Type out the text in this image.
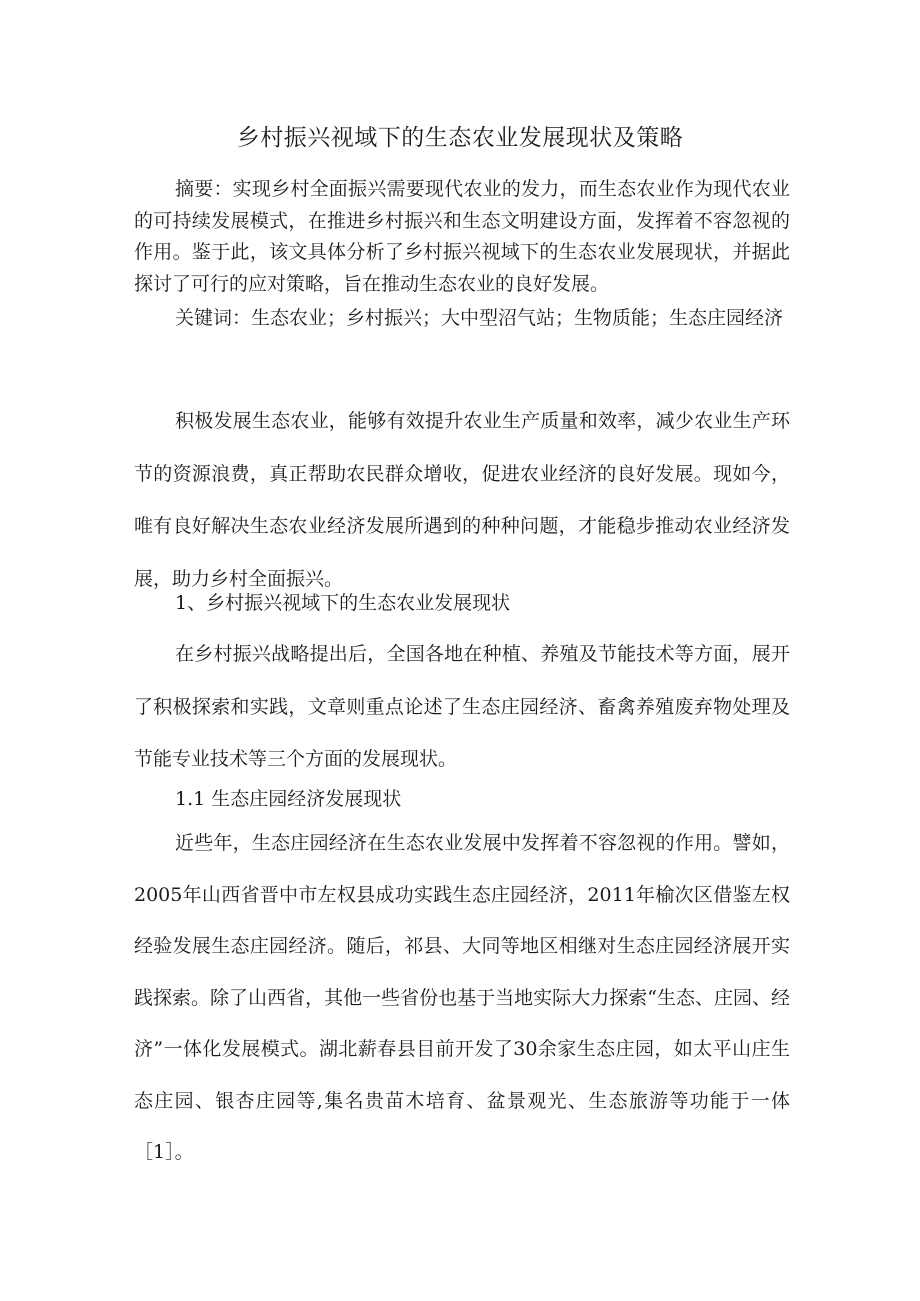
乡村振兴视域下的生态农业发展现状及策略

摘要：实现乡村全面振兴需要现代农业的发力，而生态农业作为现代农业的可持续发展模式，在推进乡村振兴和生态文明建设方面，发挥着不容忽视的作用。鉴于此，该文具体分析了乡村振兴视域下的生态农业发展现状，并据此探讨了可行的应对策略，旨在推动生态农业的良好发展。

关键词：生态农业；乡村振兴；大中型沼气站；生物质能；生态庄园经济

积极发展生态农业，能够有效提升农业生产质量和效率，减少农业生产环节的资源浪费，真正帮助农民群众增收，促进农业经济的良好发展。现如今，唯有良好解决生态农业经济发展所遇到的种种问题，才能稳步推动农业经济发展，助力乡村全面振兴。

1、乡村振兴视域下的生态农业发展现状

在乡村振兴战略提出后，全国各地在种植、养殖及节能技术等方面，展开了积极探索和实践，文章则重点论述了生态庄园经济、畜禽养殖废弃物处理及节能专业技术等三个方面的发展现状。

1.1 生态庄园经济发展现状

近些年，生态庄园经济在生态农业发展中发挥着不容忽视的作用。譬如，2005年山西省晋中市左权县成功实践生态庄园经济，2011年榆次区借鉴左权经验发展生态庄园经济。随后，祁县、大同等地区相继对生态庄园经济展开实践探索。除了山西省，其他一些省份也基于当地实际大力探索“生态、庄园、经济”一体化发展模式。湖北薪春县目前开发了30余家生态庄园，如太平山庄生态庄园、银杏庄园等,集名贵苗木培育、盆景观光、生态旅游等功能于一体［1］。
